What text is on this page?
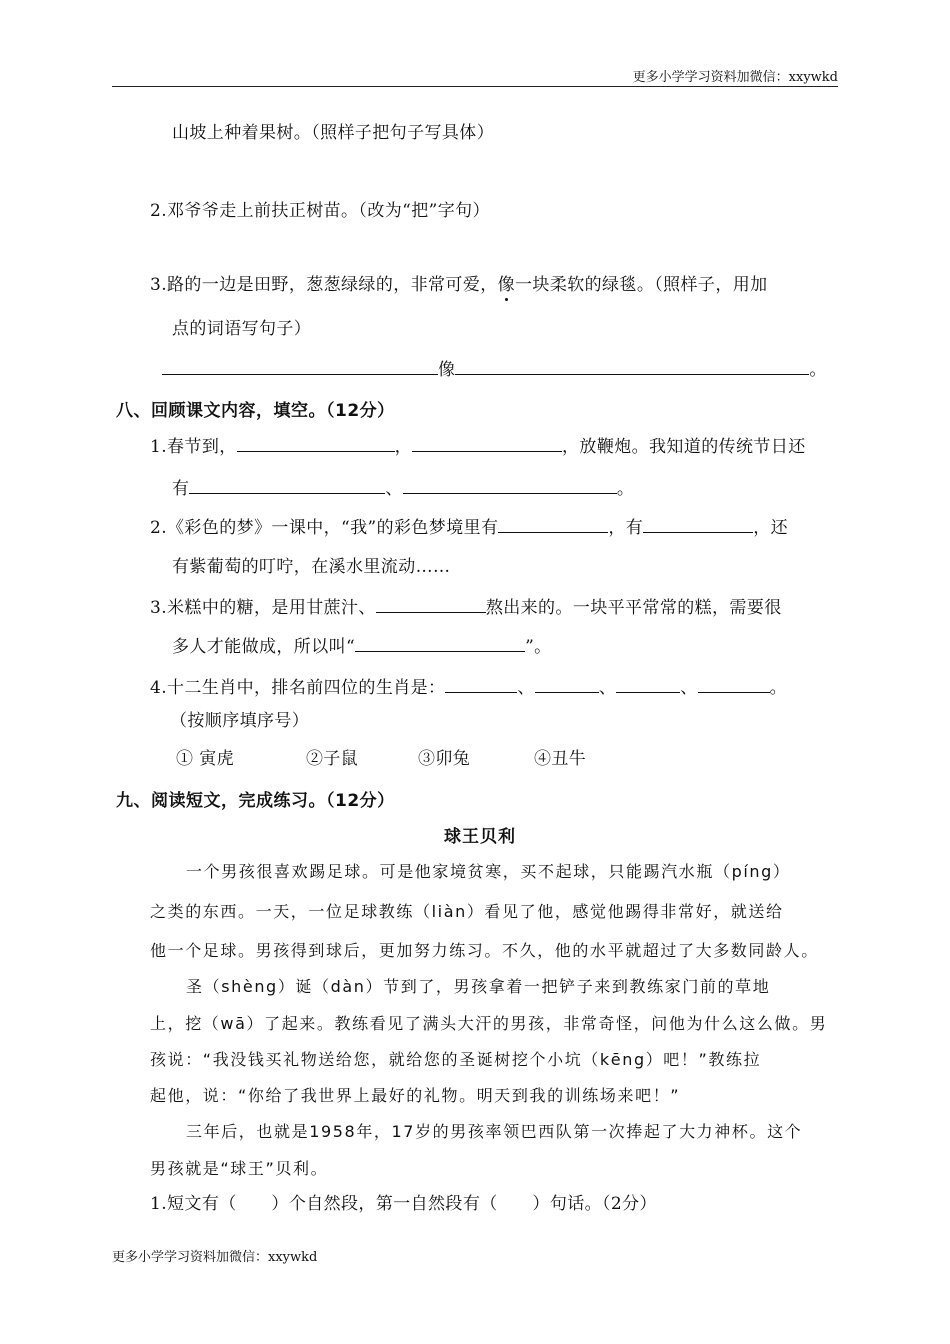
更多小学学习资料加微信：xxywkd
山坡上种着果树。（照样子把句子写具体）
2.邓爷爷走上前扶正树苗。（改为“把”字句）
3.路的一边是田野，葱葱绿绿的，非常可爱，像一块柔软的绿毯。（照样子，用加
点的词语写句子）
像	。
八、回顾课文内容，填空。（12分）
1.春节到，	，	，放鞭炮。我知道的传统节日还
有	、	。
2.《彩色的梦》一课中，“我”的彩色梦境里有	，有	，还
有紫葡萄的叮咛，在溪水里流动……
3.米糕中的糖，是用甘蔗汁、	熬出来的。一块平平常常的糕，需要很
多人才能做成，所以叫“	”。
4.十二生肖中，排名前四位的生肖是：	、	、	、	。
（按顺序填序号）
① 寅虎	②子鼠	③卯兔	④丑牛
九、阅读短文，完成练习。（12分）
球王贝利
一个男孩很喜欢踢足球。可是他家境贫寒，买不起球，只能踢汽水瓶（píng）
之类的东西。一天，一位足球教练（liàn）看见了他，感觉他踢得非常好，就送给
他一个足球。男孩得到球后，更加努力练习。不久，他的水平就超过了大多数同龄人。
圣（shèng）诞（dàn）节到了，男孩拿着一把铲子来到教练家门前的草地
上，挖（wā）了起来。教练看见了满头大汗的男孩，非常奇怪，问他为什么这么做。男
孩说：“我没钱买礼物送给您，就给您的圣诞树挖个小坑（kēng）吧！”教练拉
起他，说：“你给了我世界上最好的礼物。明天到我的训练场来吧！”
三年后，也就是1958年，17岁的男孩率领巴西队第一次捧起了大力神杯。这个
男孩就是“球王”贝利。
1.短文有（　　）个自然段，第一自然段有（　　）句话。（2分）
更多小学学习资料加微信：xxywkd
